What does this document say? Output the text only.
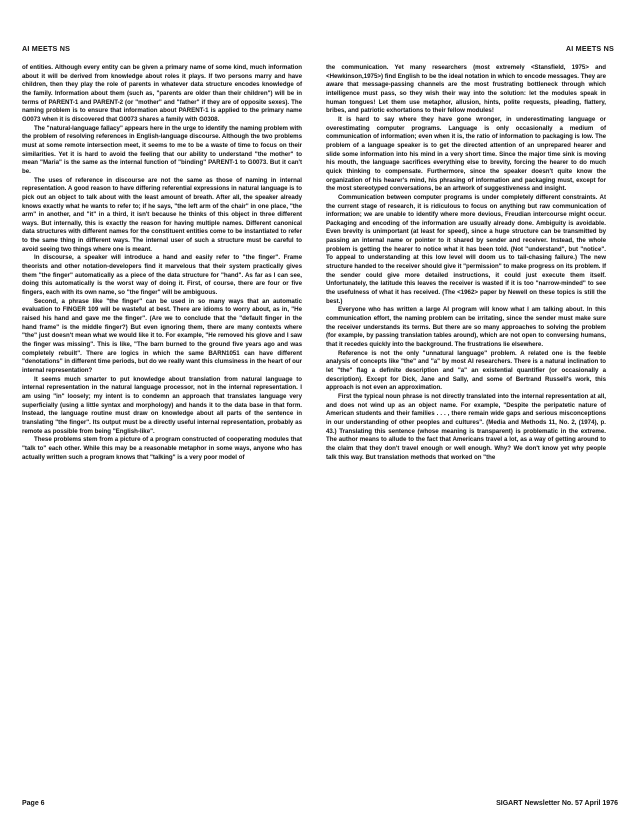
AI MEETS NS	AI MEETS NS

of entities. Although every entity can be given a primary name of some kind, much information about it will be derived from knowledge about roles it plays. If two persons marry and have children, then they play the role of parents in whatever data structure encodes knowledge of the family. Information about them (such as, "parents are older than their children") will be in terms of PARENT-1 and PARENT-2 (or "mother" and "father" if they are of opposite sexes). The naming problem is to ensure that information about PARENT-1 is applied to the primary name G0073 when it is discovered that G0073 shares a family with G0308.

The "natural-language fallacy" appears here in the urge to identify the naming problem with the problem of resolving references in English-language discourse. Although the two problems must at some remote intersection meet, it seems to me to be a waste of time to focus on their similarities. Yet it is hard to avoid the feeling that our ability to understand "the mother" to mean "Maria" is the same as the internal function of "binding" PARENT-1 to G0073. But it can't be.

The uses of reference in discourse are not the same as those of naming in internal representation. A good reason to have differing referential expressions in natural language is to pick out an object to talk about with the least amount of breath. After all, the speaker already knows exactly what he wants to refer to; if he says, "the left arm of the chair" in one place, "the arm" in another, and "it" in a third, it isn't because he thinks of this object in three different ways. But internally, this is exactly the reason for having multiple names. Different canonical data structures with different names for the constituent entities come to be instantiated to refer to the same thing in different ways. The internal user of such a structure must be careful to avoid seeing two things where one is meant.

In discourse, a speaker will introduce a hand and easily refer to "the finger". Frame theorists and other notation-developers find it marvelous that their system practically gives them "the finger" automatically as a piece of the data structure for "hand". As far as I can see, doing this automatically is the worst way of doing it. First, of course, there are four or five fingers, each with its own name, so "the finger" will be ambiguous.

Second, a phrase like "the finger" can be used in so many ways that an automatic evaluation to FINGER 109 will be wasteful at best. There are idioms to worry about, as in, "He raised his hand and gave me the finger". (Are we to conclude that the "default finger in the hand frame" is the middle finger?) But even ignoring them, there are many contexts where "the" just doesn't mean what we would like it to. For example, "He removed his glove and I saw the finger was missing". This is like, "The barn burned to the ground five years ago and was completely rebuilt". There are logics in which the same BARN1051 can have different "denotations" in different time periods, but do we really want this clumsiness in the heart of our internal representation?

It seems much smarter to put knowledge about translation from natural language to internal representation in the natural language processor, not in the internal representation. I am using "in" loosely; my intent is to condemn an approach that translates language very superficially (using a little syntax and morphology) and hands it to the data base in that form. Instead, the language routine must draw on knowledge about all parts of the sentence in translating "the finger". Its output must be a directly useful internal representation, probably as remote as possible from being "English-like".

These problems stem from a picture of a program constructed of cooperating modules that "talk to" each other. While this may be a reasonable metaphor in some ways, anyone who has actually written such a program knows that "talking" is a very poor model of

the communication. Yet many researchers (most extremely <Stansfield, 1975> and <Hewkinson,1975>) find English to be the ideal notation in which to encode messages. They are aware that message-passing channels are the most frustrating bottleneck through which intelligence must pass, so they wish their way into the solution: let the modules speak in human tongues! Let them use metaphor, allusion, hints, polite requests, pleading, flattery, bribes, and patriotic exhortations to their fellow modules!

It is hard to say where they have gone wronger, in underestimating language or overestimating computer programs. Language is only occasionally a medium of communication of information; even when it is, the ratio of information to packaging is low. The problem of a language speaker is to get the directed attention of an unprepared hearer and slide some information into his mind in a very short time. Since the major time sink is moving his mouth, the language sacrifices everything else to brevity, forcing the hearer to do much quick thinking to compensate. Furthermore, since the speaker doesn't quite know the organization of his hearer's mind, his phrasing of information and packaging must, except for the most stereotyped conversations, be an artwork of suggestiveness and insight.

Communication between computer programs is under completely different constraints. At the current stage of research, it is ridiculous to focus on anything but raw communication of information; we are unable to identify where more devious, Freudian intercourse might occur. Packaging and encoding of the information are usually already done. Ambiguity is avoidable. Even brevity is unimportant (at least for speed), since a huge structure can be transmitted by passing an internal name or pointer to it shared by sender and receiver. Instead, the whole problem is getting the hearer to notice what it has been told. (Not "understand", but "notice". To appeal to understanding at this low level will doom us to tail-chasing failure.) The new structure handed to the receiver should give it "permission" to make progress on its problem. If the sender could give more detailed instructions, it could just execute them itself. Unfortunately, the latitude this leaves the receiver is wasted if it is too "narrow-minded" to see the usefulness of what it has received. (The <1962> paper by Newell on these topics is still the best.)

Everyone who has written a large AI program will know what I am talking about. In this communication effort, the naming problem can be irritating, since the sender must make sure the receiver understands its terms. But there are so many approaches to solving the problem (for example, by passing translation tables around), which are not open to conversing humans, that it recedes quickly into the background. The frustrations lie elsewhere.

Reference is not the only "unnatural language" problem. A related one is the feeble analysis of concepts like "the" and "a" by most AI researchers. There is a natural inclination to let "the" flag a definite description and "a" an existential quantifier (or occasionally a description). Except for Dick, Jane and Sally, and some of Bertrand Russell's work, this approach is not even an approximation.

First the typical noun phrase is not directly translated into the internal representation at all, and does not wind up as an object name. For example, "Despite the peripatetic nature of American students and their families . . . , there remain wide gaps and serious misconceptions in our understanding of other peoples and cultures". (Media and Methods 11, No. 2, (1974), p. 43.) Translating this sentence (whose meaning is transparent) is problematic in the extreme. The author means to allude to the fact that Americans travel a lot, as a way of getting around to the claim that they don't travel enough or well enough. Why? We don't know yet why people talk this way. But translation methods that worked on "the

Page 6	SIGART Newsletter No. 57 April 1976
